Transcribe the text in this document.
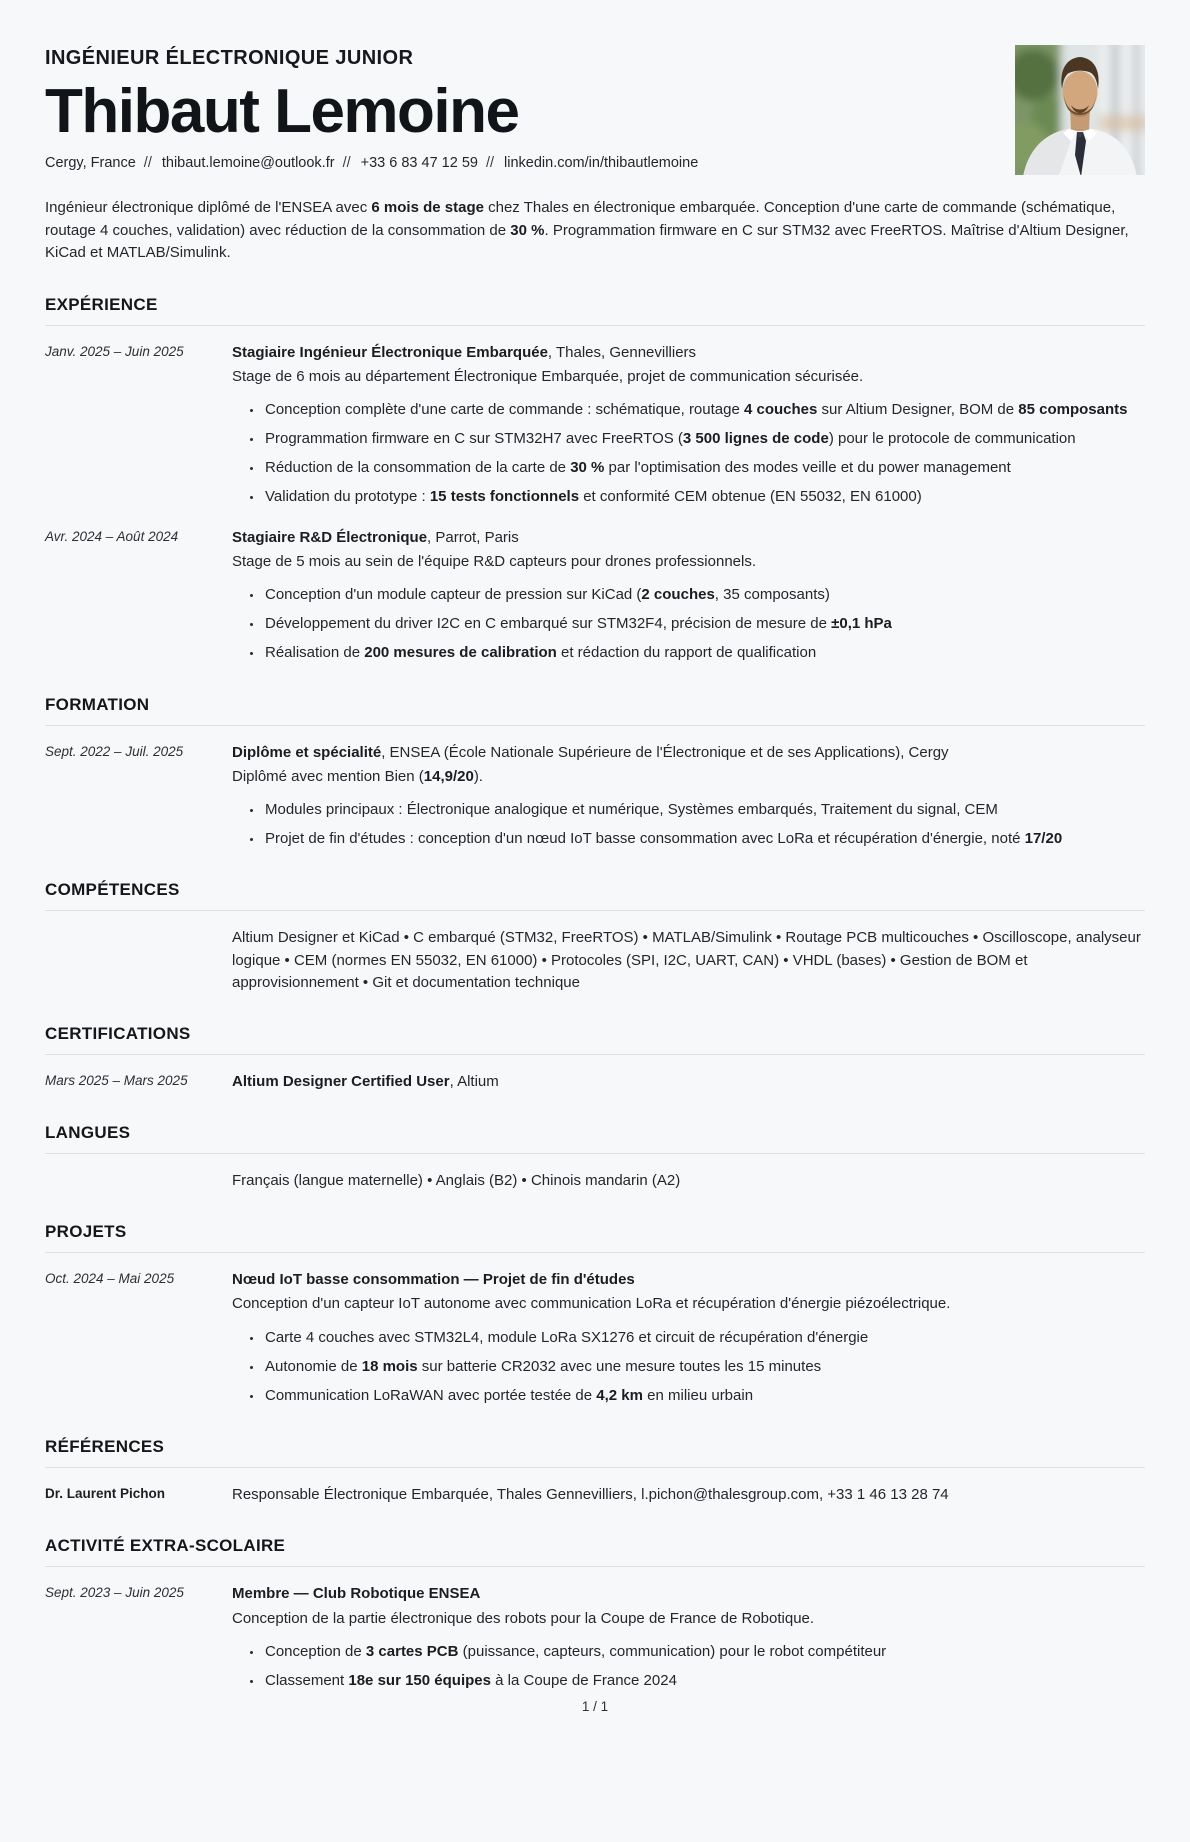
INGÉNIEUR ÉLECTRONIQUE JUNIOR
Thibaut Lemoine
Cergy, France // thibaut.lemoine@outlook.fr // +33 6 83 47 12 59 // linkedin.com/in/thibautlemoine

Ingénieur électronique diplômé de l'ENSEA avec 6 mois de stage chez Thales en électronique embarquée. Conception d'une carte de commande (schématique, routage 4 couches, validation) avec réduction de la consommation de 30 %. Programmation firmware en C sur STM32 avec FreeRTOS. Maîtrise d'Altium Designer, KiCad et MATLAB/Simulink.

EXPÉRIENCE
Janv. 2025 – Juin 2025	Stagiaire Ingénieur Électronique Embarquée, Thales, Gennevilliers
Stage de 6 mois au département Électronique Embarquée, projet de communication sécurisée.
• Conception complète d'une carte de commande : schématique, routage 4 couches sur Altium Designer, BOM de 85 composants
• Programmation firmware en C sur STM32H7 avec FreeRTOS (3 500 lignes de code) pour le protocole de communication
• Réduction de la consommation de la carte de 30 % par l'optimisation des modes veille et du power management
• Validation du prototype : 15 tests fonctionnels et conformité CEM obtenue (EN 55032, EN 61000)
Avr. 2024 – Août 2024	Stagiaire R&D Électronique, Parrot, Paris
Stage de 5 mois au sein de l'équipe R&D capteurs pour drones professionnels.
• Conception d'un module capteur de pression sur KiCad (2 couches, 35 composants)
• Développement du driver I2C en C embarqué sur STM32F4, précision de mesure de ±0,1 hPa
• Réalisation de 200 mesures de calibration et rédaction du rapport de qualification
FORMATION
Sept. 2022 – Juil. 2025	Diplôme et spécialité, ENSEA (École Nationale Supérieure de l'Électronique et de ses Applications), Cergy
Diplômé avec mention Bien (14,9/20).
• Modules principaux : Électronique analogique et numérique, Systèmes embarqués, Traitement du signal, CEM
• Projet de fin d'études : conception d'un nœud IoT basse consommation avec LoRa et récupération d'énergie, noté 17/20
COMPÉTENCES
Altium Designer et KiCad • C embarqué (STM32, FreeRTOS) • MATLAB/Simulink • Routage PCB multicouches • Oscilloscope, analyseur logique • CEM (normes EN 55032, EN 61000) • Protocoles (SPI, I2C, UART, CAN) • VHDL (bases) • Gestion de BOM et approvisionnement • Git et documentation technique
CERTIFICATIONS
Mars 2025 – Mars 2025	Altium Designer Certified User, Altium
LANGUES
Français (langue maternelle) • Anglais (B2) • Chinois mandarin (A2)
PROJETS
Oct. 2024 – Mai 2025	Nœud IoT basse consommation — Projet de fin d'études
Conception d'un capteur IoT autonome avec communication LoRa et récupération d'énergie piézoélectrique.
• Carte 4 couches avec STM32L4, module LoRa SX1276 et circuit de récupération d'énergie
• Autonomie de 18 mois sur batterie CR2032 avec une mesure toutes les 15 minutes
• Communication LoRaWAN avec portée testée de 4,2 km en milieu urbain
RÉFÉRENCES
Dr. Laurent Pichon	Responsable Électronique Embarquée, Thales Gennevilliers, l.pichon@thalesgroup.com, +33 1 46 13 28 74
ACTIVITÉ EXTRA-SCOLAIRE
Sept. 2023 – Juin 2025	Membre — Club Robotique ENSEA
Conception de la partie électronique des robots pour la Coupe de France de Robotique.
• Conception de 3 cartes PCB (puissance, capteurs, communication) pour le robot compétiteur
• Classement 18e sur 150 équipes à la Coupe de France 2024
1 / 1
